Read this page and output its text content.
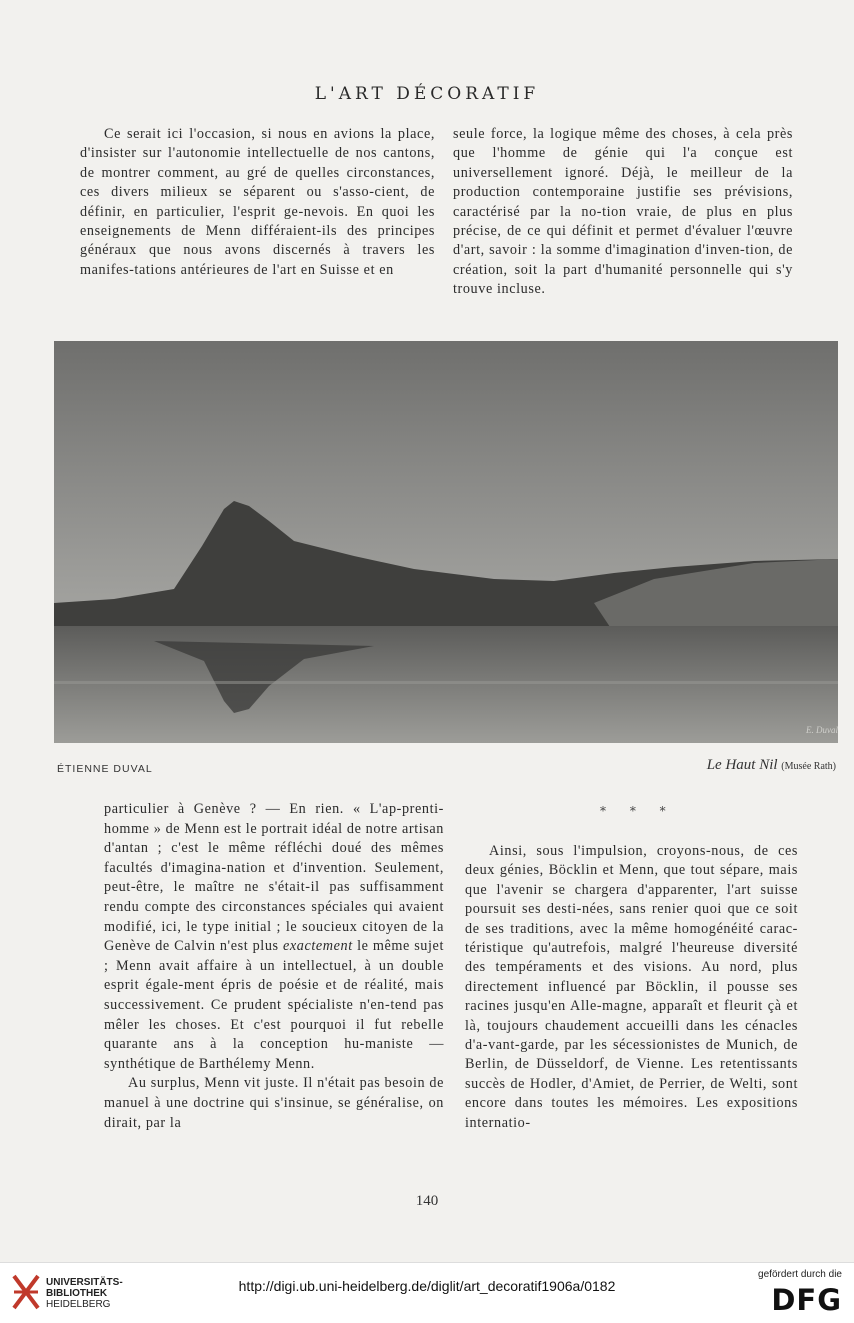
L'ART DÉCORATIF

Ce serait ici l'occasion, si nous en avions la place, d'insister sur l'autonomie intellectuelle de nos cantons, de montrer comment, au gré de quelles circonstances, ces divers milieux se séparent ou s'asso-cient, de définir, en particulier, l'esprit ge-nevois. En quoi les enseignements de Menn différaient-ils des principes généraux que nous avons discernés à travers les manifes-tations antérieures de l'art en Suisse et en

seule force, la logique même des choses, à cela près que l'homme de génie qui l'a conçue est universellement ignoré. Déjà, le meilleur de la production contemporaine justifie ses prévisions, caractérisé par la no-tion vraie, de plus en plus précise, de ce qui définit et permet d'évaluer l'œuvre d'art, savoir : la somme d'imagination d'inven-tion, de création, soit la part d'humanité personnelle qui s'y trouve incluse.

E. Duval
ÉTIENNE DUVAL	Le Haut Nil (Musée Rath)

particulier à Genève ? — En rien. « L'ap-prenti-homme » de Menn est le portrait idéal de notre artisan d'antan ; c'est le même réfléchi doué des mêmes facultés d'imagina-nation et d'invention. Seulement, peut-être, le maître ne s'était-il pas suffisamment rendu compte des circonstances spéciales qui avaient modifié, ici, le type initial ; le soucieux citoyen de la Genève de Calvin n'est plus exactement le même sujet ; Menn avait affaire à un intellectuel, à un double esprit égale-ment épris de poésie et de réalité, mais successivement. Ce prudent spécialiste n'en-tend pas mêler les choses. Et c'est pourquoi il fut rebelle quarante ans à la conception hu-maniste — synthétique de Barthélemy Menn.

Au surplus, Menn vit juste. Il n'était pas besoin de manuel à une doctrine qui s'insinue, se généralise, on dirait, par la

* * *

Ainsi, sous l'impulsion, croyons-nous, de ces deux génies, Böcklin et Menn, que tout sépare, mais que l'avenir se chargera d'apparenter, l'art suisse poursuit ses desti-nées, sans renier quoi que ce soit de ses traditions, avec la même homogénéité carac-téristique qu'autrefois, malgré l'heureuse diversité des tempéraments et des visions. Au nord, plus directement influencé par Böcklin, il pousse ses racines jusqu'en Alle-magne, apparaît et fleurit çà et là, toujours chaudement accueilli dans les cénacles d'a-vant-garde, par les sécessionistes de Munich, de Berlin, de Düsseldorf, de Vienne. Les retentissants succès de Hodler, d'Amiet, de Perrier, de Welti, sont encore dans toutes les mémoires. Les expositions internatio-

140
UNIVERSITÄTS-
BIBLIOTHEK
HEIDELBERG
http://digi.ub.uni-heidelberg.de/diglit/art_decoratif1906a/0182
gefördert durch die
DFG
